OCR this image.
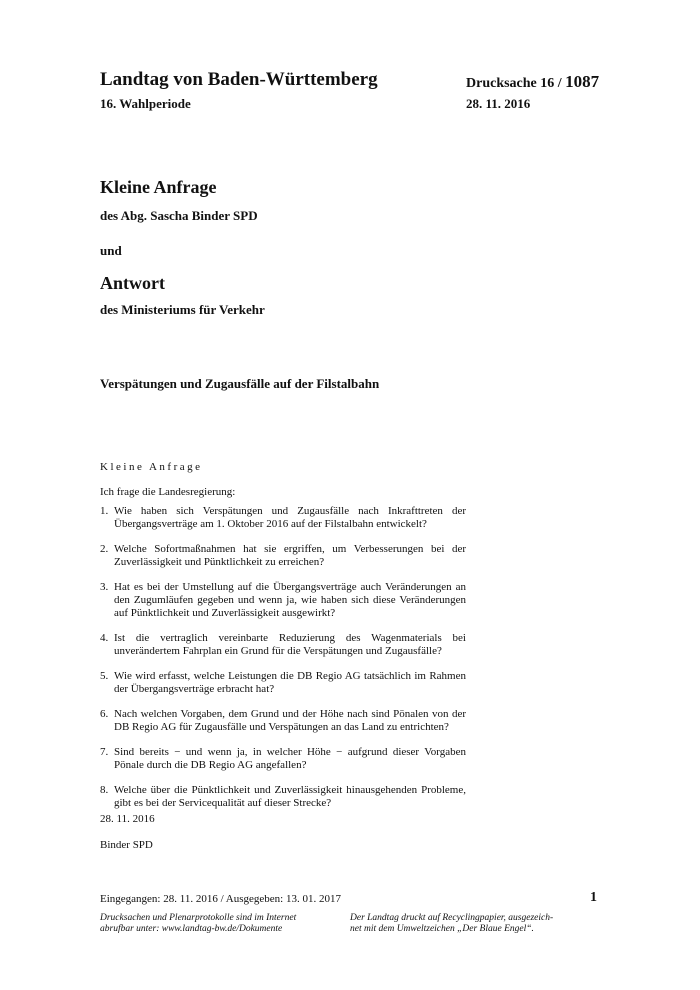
Landtag von Baden-Württemberg	Drucksache 16 / 1087
16. Wahlperiode	28. 11. 2016
Kleine Anfrage
des Abg. Sascha Binder SPD
und
Antwort
des Ministeriums für Verkehr
Verspätungen und Zugausfälle auf der Filstalbahn
Kleine Anfrage
Ich frage die Landesregierung:
1. Wie haben sich Verspätungen und Zugausfälle nach Inkrafttreten der Übergangsverträge am 1. Oktober 2016 auf der Filstalbahn entwickelt?
2. Welche Sofortmaßnahmen hat sie ergriffen, um Verbesserungen bei der Zuverlässigkeit und Pünktlichkeit zu erreichen?
3. Hat es bei der Umstellung auf die Übergangsverträge auch Veränderungen an den Zugumläufen gegeben und wenn ja, wie haben sich diese Veränderungen auf Pünktlichkeit und Zuverlässigkeit ausgewirkt?
4. Ist die vertraglich vereinbarte Reduzierung des Wagenmaterials bei unverändertem Fahrplan ein Grund für die Verspätungen und Zugausfälle?
5. Wie wird erfasst, welche Leistungen die DB Regio AG tatsächlich im Rahmen der Übergangsverträge erbracht hat?
6. Nach welchen Vorgaben, dem Grund und der Höhe nach sind Pönalen von der DB Regio AG für Zugausfälle und Verspätungen an das Land zu entrichten?
7. Sind bereits − und wenn ja, in welcher Höhe − aufgrund dieser Vorgaben Pönale durch die DB Regio AG angefallen?
8. Welche über die Pünktlichkeit und Zuverlässigkeit hinausgehenden Probleme, gibt es bei der Servicequalität auf dieser Strecke?
28. 11. 2016
Binder SPD
Eingegangen: 28. 11. 2016 / Ausgegeben: 13. 01. 2017	1
Drucksachen und Plenarprotokolle sind im Internet
abrufbar unter: www.landtag-bw.de/Dokumente
Der Landtag druckt auf Recyclingpapier, ausgezeich-
net mit dem Umweltzeichen „Der Blaue Engel“.
